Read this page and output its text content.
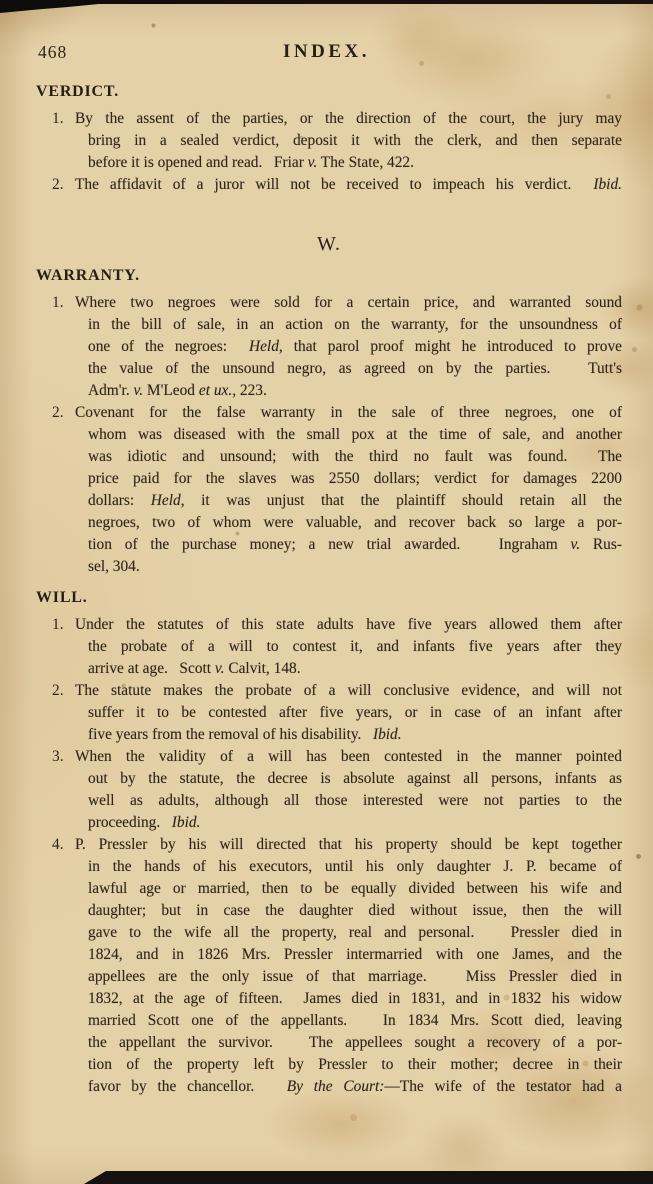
468	INDEX.
VERDICT.
1. By the assent of the parties, or the direction of the court, the jury may
bring in a sealed verdict, deposit it with the clerk, and then separate
before it is opened and read.   Friar v. The State, 422.
2. The affidavit of a juror will not be received to impeach his verdict.  Ibid.
W.
WARRANTY.
1. Where two negroes were sold for a certain price, and warranted sound
in the bill of sale, in an action on the warranty, for the unsoundness of
one of the negroes:  Held, that parol proof might he introduced to prove
the value of the unsound negro, as agreed on by the parties.   Tutt's
Adm'r. v. M'Leod et ux., 223.
2. Covenant for the false warranty in the sale of three negroes, one of
whom was diseased with the small pox at the time of sale, and another
was idiotic and unsound; with the third no fault was found.  The
price paid for the slaves was 2550 dollars; verdict for damages 2200
dollars: Held, it was unjust that the plaintiff should retain all the
negroes, two of whom were valuable, and recover back so large a por-
tion of the purchase money; a new trial awarded.   Ingraham v. Rus-
sel, 304.
WILL.
1. Under the statutes of this state adults have five years allowed them after
the probate of a will to contest it, and infants five years after they
arrive at age.   Scott v. Calvit, 148.
2. The statute makes the probate of a will conclusive evidence, and will not
suffer it to be contested after five years, or in case of an infant after
five years from the removal of his disability.   Ibid.
3. When the validity of a will has been contested in the manner pointed
out by the statute, the decree is absolute against all persons, infants as
well as adults, although all those interested were not parties to the
proceeding.   Ibid.
4. P. Pressler by his will directed that his property should be kept together
in the hands of his executors, until his only daughter J. P. became of
lawful age or married, then to be equally divided between his wife and
daughter; but in case the daughter died without issue, then the will
gave to the wife all the property, real and personal.   Pressler died in
1824, and in 1826 Mrs. Pressler intermarried with one James, and the
appellees are the only issue of that marriage.   Miss Pressler died in
1832, at the age of fifteen.  James died in 1831, and in 1832 his widow
married Scott one of the appellants.   In 1834 Mrs. Scott died, leaving
the appellant the survivor.   The appellees sought a recovery of a por-
tion of the property left by Pressler to their mother; decree in their
favor by the chancellor.   By the Court:—The wife of the testator had a
